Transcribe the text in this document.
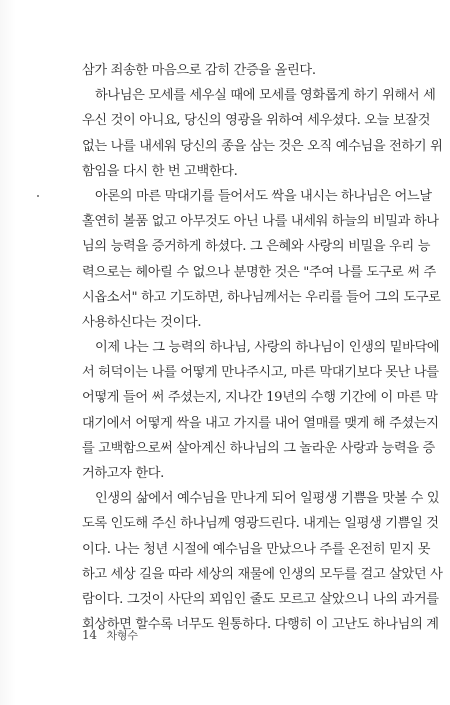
삼가 죄송한 마음으로 감히 간증을 올린다.
하나님은 모세를 세우실 때에 모세를 영화롭게 하기 위해서 세
우신 것이 아니요, 당신의 영광을 위하여 세우셨다. 오늘 보잘것
없는 나를 내세워 당신의 종을 삼는 것은 오직 예수님을 전하기 위
함임을 다시 한 번 고백한다.
아론의 마른 막대기를 들어서도 싹을 내시는 하나님은 어느날
홀연히 볼품 없고 아무것도 아닌 나를 내세워 하늘의 비밀과 하나
님의 능력을 증거하게 하셨다. 그 은혜와 사랑의 비밀을 우리 능
력으로는 헤아릴 수 없으나 분명한 것은 "주여 나를 도구로 써 주
시옵소서" 하고 기도하면, 하나님께서는 우리를 들어 그의 도구로
사용하신다는 것이다.
이제 나는 그 능력의 하나님, 사랑의 하나님이 인생의 밑바닥에
서 허덕이는 나를 어떻게 만나주시고, 마른 막대기보다 못난 나를
어떻게 들어 써 주셨는지, 지나간 19년의 수행 기간에 이 마른 막
대기에서 어떻게 싹을 내고 가지를 내어 열매를 맺게 해 주셨는지
를 고백함으로써 살아계신 하나님의 그 놀라운 사랑과 능력을 증
거하고자 한다.
인생의 삶에서 예수님을 만나게 되어 일평생 기쁨을 맛볼 수 있
도록 인도해 주신 하나님께 영광드린다. 내게는 일평생 기쁨일 것
이다. 나는 청년 시절에 예수님을 만났으나 주를 온전히 믿지 못
하고 세상 길을 따라 세상의 재물에 인생의 모두를 걸고 살았던 사
람이다. 그것이 사단의 꾀임인 줄도 모르고 살았으니 나의 과거를
회상하면 할수록 너무도 원통하다. 다행히 이 고난도 하나님의 계
14 차형수
